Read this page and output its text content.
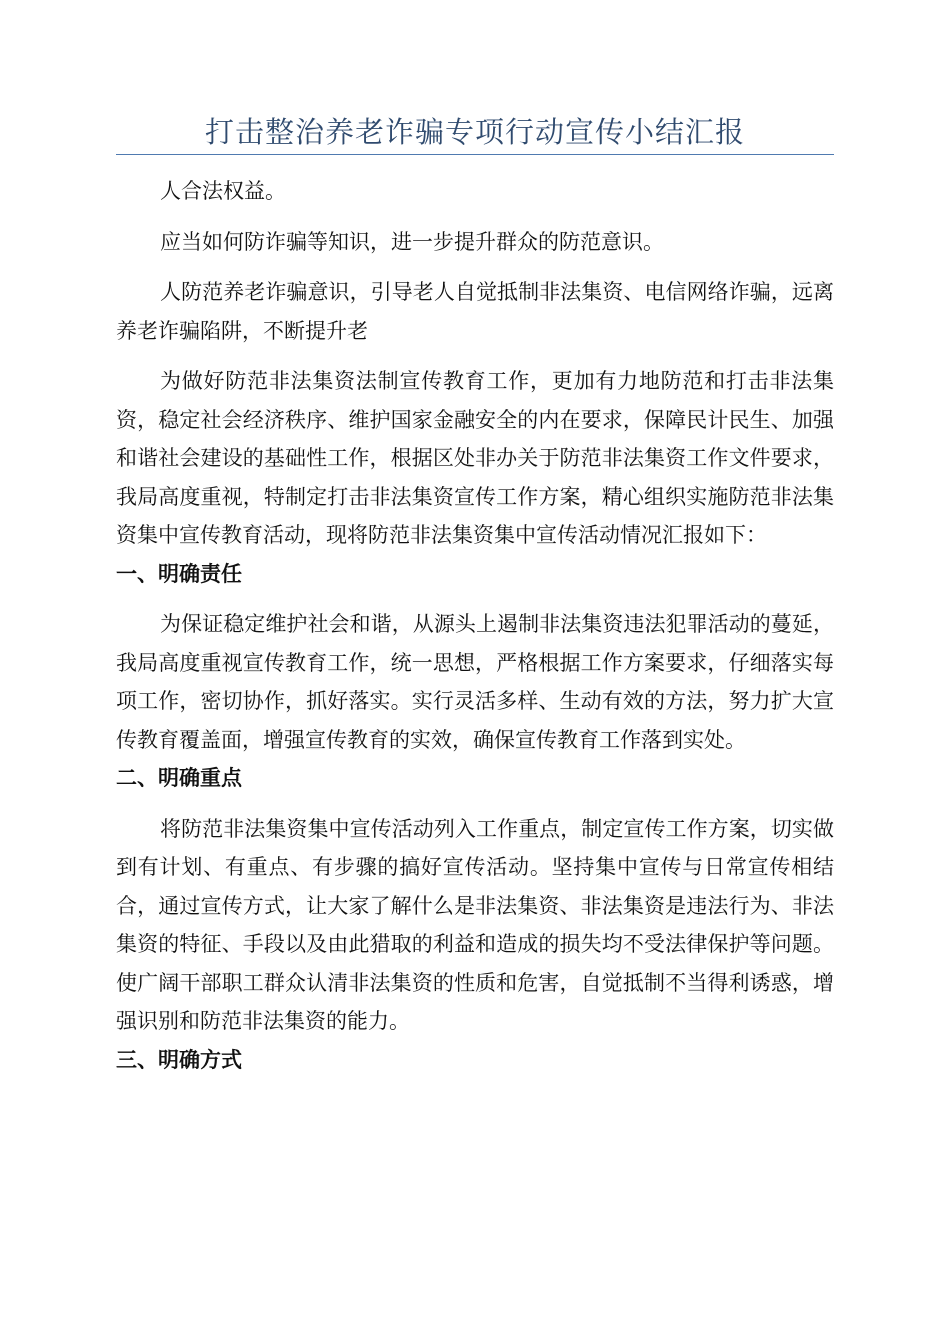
打击整治养老诈骗专项行动宣传小结汇报

人合法权益。

应当如何防诈骗等知识，进一步提升群众的防范意识。

人防范养老诈骗意识，引导老人自觉抵制非法集资、电信网络诈骗，远离养老诈骗陷阱，不断提升老

为做好防范非法集资法制宣传教育工作，更加有力地防范和打击非法集资，稳定社会经济秩序、维护国家金融安全的内在要求，保障民计民生、加强和谐社会建设的基础性工作，根据区处非办关于防范非法集资工作文件要求，我局高度重视，特制定打击非法集资宣传工作方案，精心组织实施防范非法集资集中宣传教育活动，现将防范非法集资集中宣传活动情况汇报如下：

一、明确责任

为保证稳定维护社会和谐，从源头上遏制非法集资违法犯罪活动的蔓延，我局高度重视宣传教育工作，统一思想，严格根据工作方案要求，仔细落实每项工作，密切协作，抓好落实。实行灵活多样、生动有效的方法，努力扩大宣传教育覆盖面，增强宣传教育的实效，确保宣传教育工作落到实处。

二、明确重点

将防范非法集资集中宣传活动列入工作重点，制定宣传工作方案，切实做到有计划、有重点、有步骤的搞好宣传活动。坚持集中宣传与日常宣传相结合，通过宣传方式，让大家了解什么是非法集资、非法集资是违法行为、非法集资的特征、手段以及由此猎取的利益和造成的损失均不受法律保护等问题。使广阔干部职工群众认清非法集资的性质和危害，自觉抵制不当得利诱惑，增强识别和防范非法集资的能力。

三、明确方式
